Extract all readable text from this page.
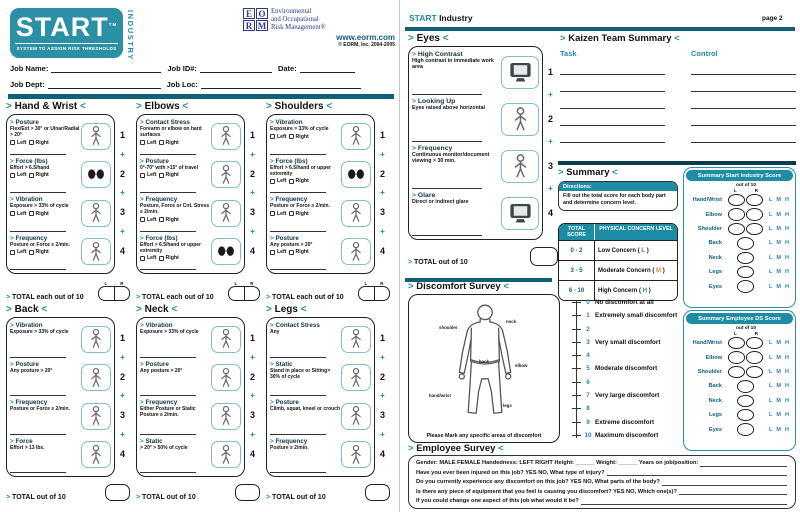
START™
SYSTEM TO ASSIGN RISK THRESHOLDS INDUSTRY	E O
R M
Environmental
and Occupational
Risk Management®
www.eorm.com
© EORM, Inc. 2004-2005
Job Name:	Job ID#:	Date:
Job Dept:	Job Loc:
> Hand & Wrist <
> Posture
Flex/Ext > 30° or Ulnar/Radial > 20°
Left Right
> Force (lbs)
Effort > 6.5/hand
Left Right
> Vibration
Exposure > 33% of cycle
Left Right
> Frequency
Posture or Force ≥ 2/min.
Left Right
1
+
2
+
3
+
4
> TOTAL each out of 10
L	R
> Elbows <
> Contact Stress
Forearm or elbow on hard surfaces
Left Right
> Posture
0°-70° with >15° of travel
Left Right
> Frequency
Posture, Force or Cnt. Stress ≥ 2/min.
Left Right
> Force (lbs)
Effort > 6.5/hand or upper extremity
Left Right
1
+
2
+
3
+
4
> TOTAL each out of 10
L	R
> Shoulders <
> Vibration
Exposure > 33% of cycle
Left Right
> Force (lbs)
Effort > 6.5/hand or upper extremity
Left Right
> Frequency
Posture or Force ≥ 2/min.
Left Right
> Posture
Any posture > 20°
Left Right
1
+
2
+
3
+
4
> TOTAL each out of 10
L	R
> Back <
> Vibration
Exposure > 33% of cycle
> Posture
Any posture > 20°
> Frequency
Posture or Force ≥ 2/min.
> Force
Effort > 13 lbs.
1
+
2
+
3
+
4
> TOTAL out of 10
> Neck <
> Vibration
Exposure > 33% of cycle
> Posture
Any posture > 20°
> Frequency
Either Posture or Static Posture ≥ 2/min.
> Static
> 20° > 50% of cycle
1
+
2
+
3
+
4
> TOTAL out of 10
> Legs <
> Contact Stress
Any
> Static
Stand in place or Sitting> 30% of cycle
> Posture
Climb, squat, kneel or crouch
> Frequency
Posture ≥ 2/min.
1
+
2
+
3
+
4
> TOTAL out of 10
START Industry	page 2
> Eyes <
> High Contrast
High contrast in immediate work area
> Looking Up
Eyes raised above horizontal
> Frequency
Continuous monitor/document viewing > 30 min.
> Glare
Direct or indirect glare
1
+
2
+
3
+
4
> TOTAL out of 10
> Kaizen Team Summary <
Task	Control
> Summary <
Directions:
Fill out the total score for each body part and determine concern level.
TOTAL SCORE
PHYSICAL CONCERN LEVEL
0 - 2	Low Concern
(
L
)
3 - 5	Moderate Concern
(
M
)
6 - 10	High Concern
(
H
)
Summary Start Industry Score
out of 10
L	R
Hand/Wrist	L M H
Elbow	L M H
Shoulder	L M H
Back	L M H
Neck	L M H
Legs	L M H
Eyes	L M H
Summary Employee DS Score
out of 10
L	R
Hand/Wrist	L M H
Elbow	L M H
Shoulder	L M H
Back	L M H
Neck	L M H
Legs	L M H
Eyes	L M H
> Discomfort Survey <
shoulder
neck
back
elbow
hand/wrist
legs
Please Mark any specific areas of discomfort
0 No discomfort at all
1 Extremely small discomfort
2
3 Very small discomfort
4
5 Moderate discomfort
6
7 Very large discomfort
8
9 Extreme discomfort
10 Maximum discomfort
> Employee Survey <
Gender: MALE FEMALE Handedness: LEFT RIGHT Height: ______ Weight: ______ Years on job/position:
Have you ever been injured on this job? YES NO, What type of injury?
Do you currently experience any discomfort on this job? YES NO, What parts of the body?
Is there any piece of equipment that you feel is causing you discomfort? YES NO, Which one(s)?
If you could change one aspect of this job what would it be?
